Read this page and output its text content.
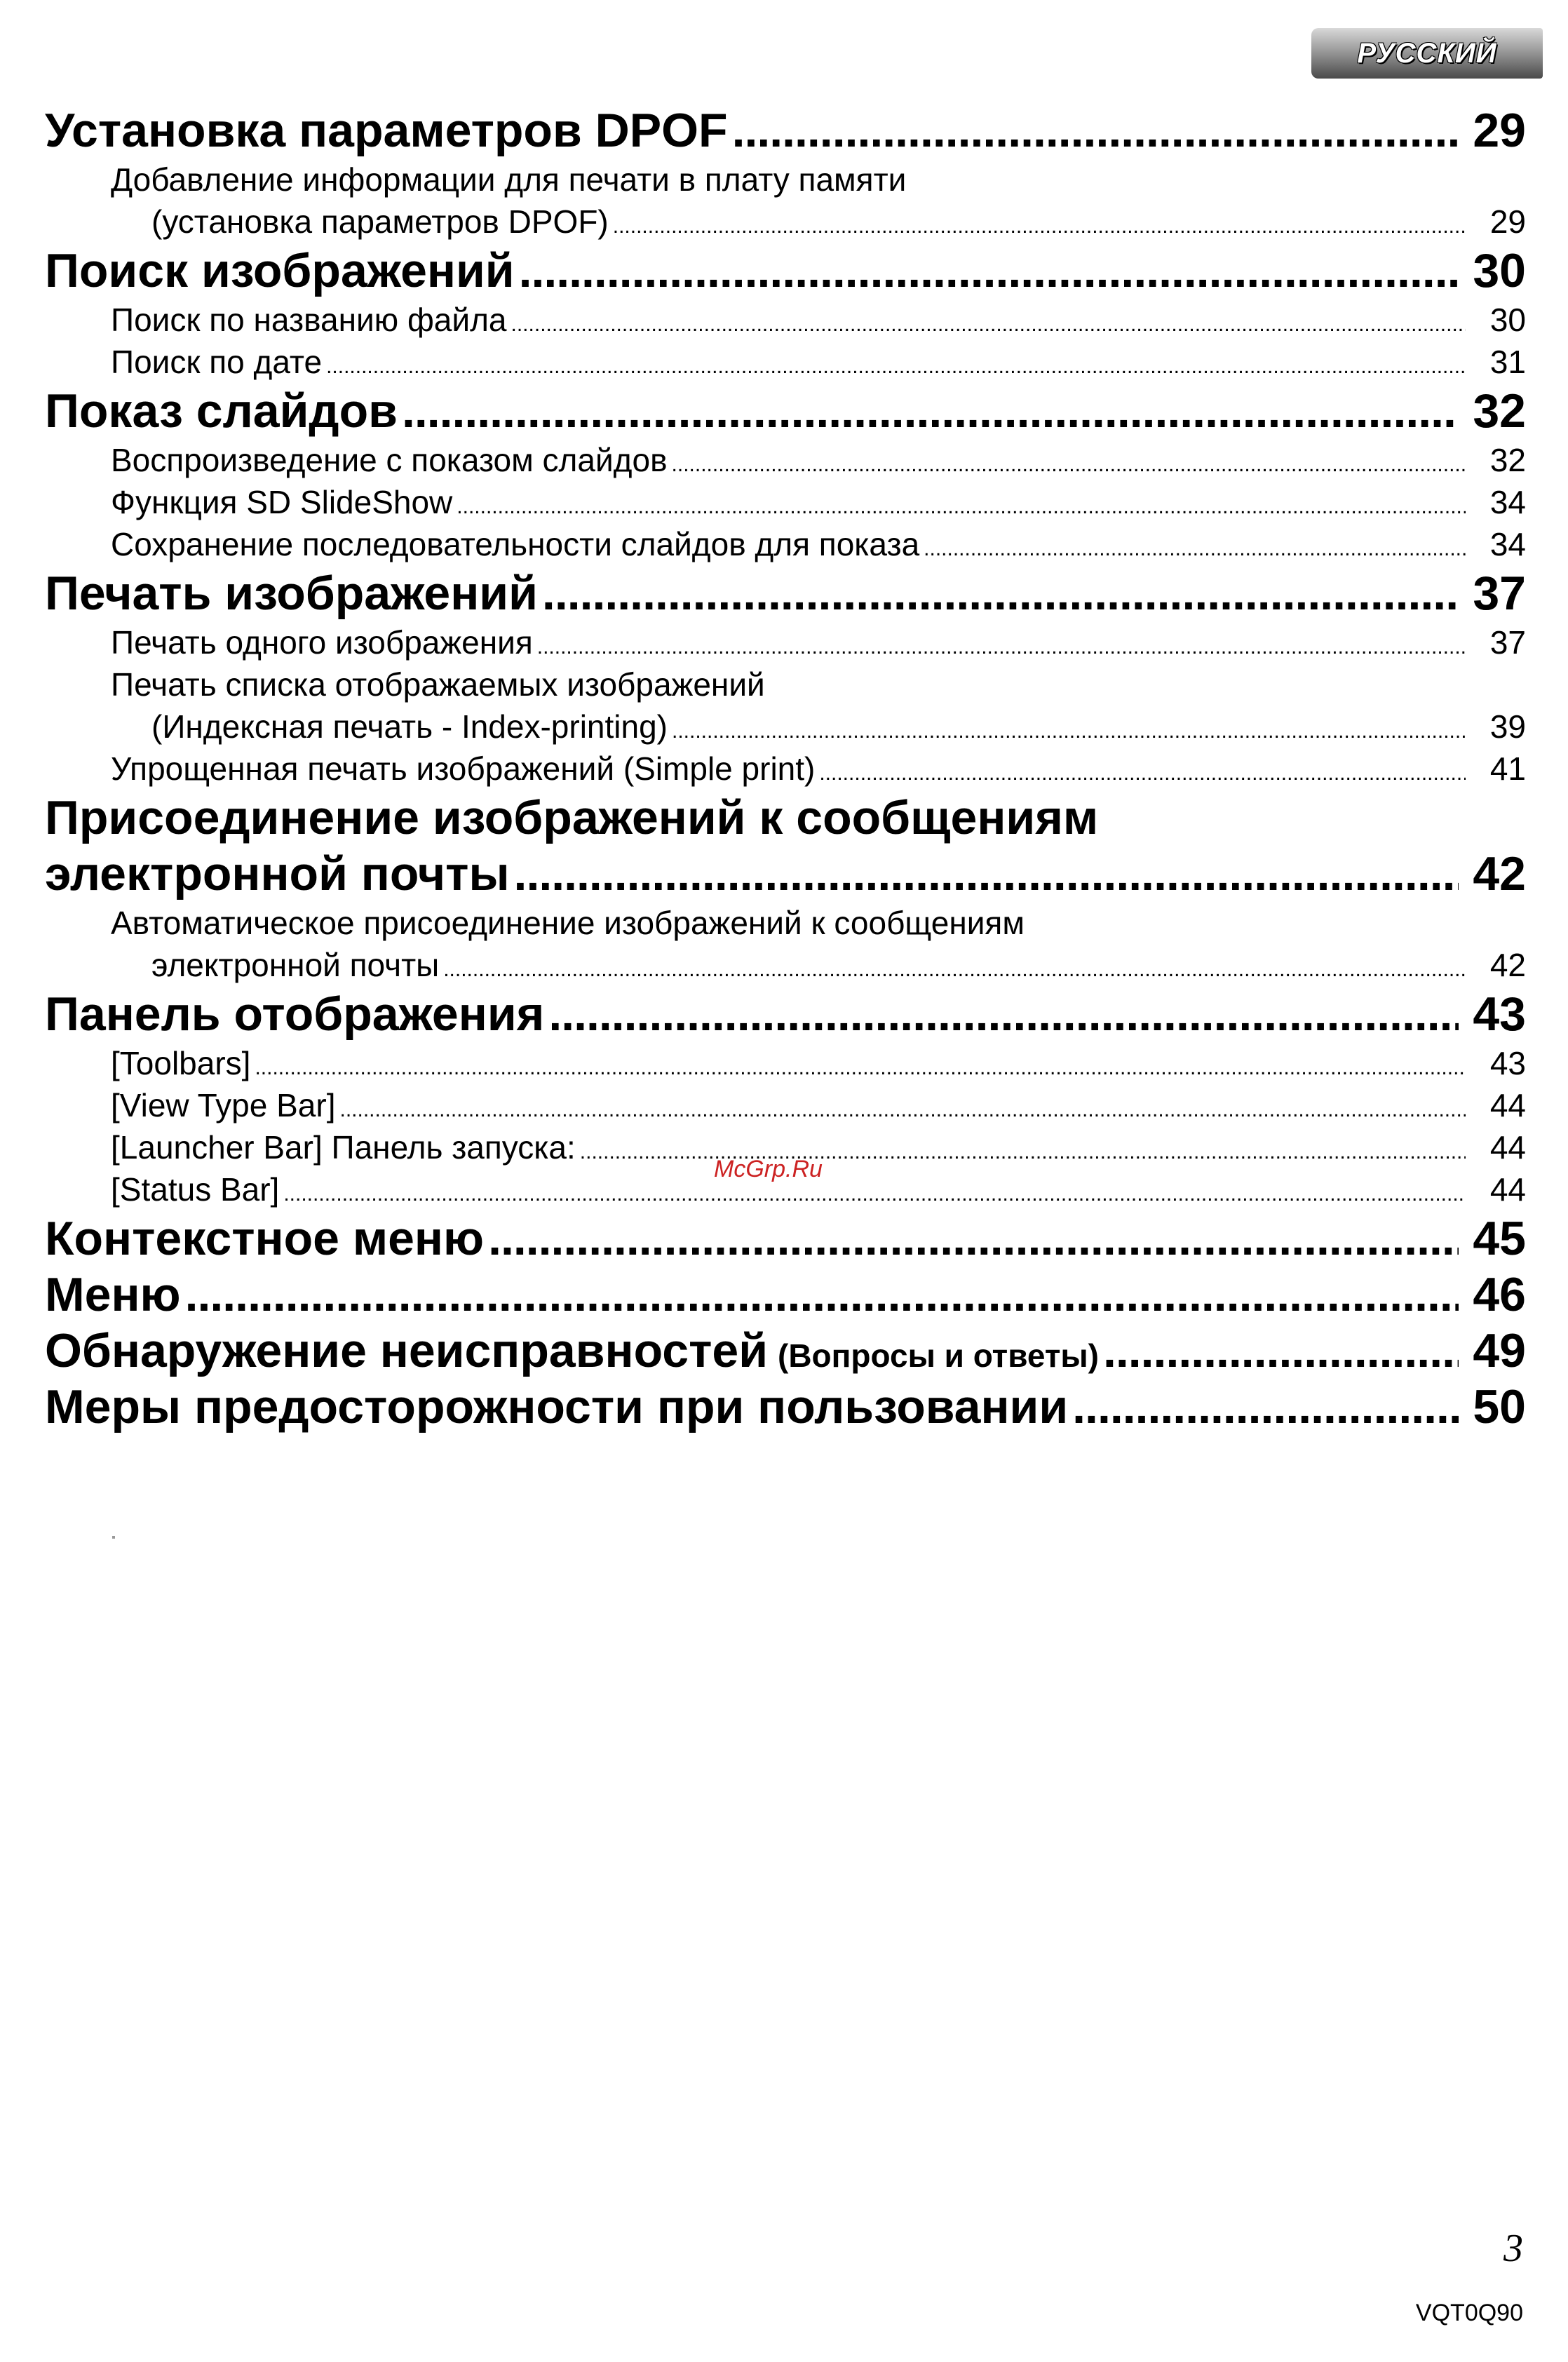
РУССКИЙ
Установка параметров DPOF .....	29
Добавление информации для печати в плату памяти
(установка параметров DPOF) .....	29
Поиск изображений .....	30
Поиск по названию файла .....	30
Поиск по дате .....	31
Показ слайдов .....	32
Воспроизведение с показом слайдов .....	32
Функция SD SlideShow .....	34
Сохранение последовательности слайдов для показа .....	34
Печать изображений .....	37
Печать одного изображения .....	37
Печать списка отображаемых изображений
(Индексная печать - Index-printing) .....	39
Упрощенная печать изображений (Simple print) .....	41
Присоединение изображений к сообщениям
электронной почты .....	42
Автоматическое присоединение изображений к сообщениям
электронной почты .....	42
Панель отображения .....	43
[Toolbars] .....	43
[View Type Bar] .....	44
[Launcher Bar] Панель запуска: .....	44
[Status Bar] .....	44
Контекстное меню .....	45
Меню .....	46
Обнаружение неисправностей (Вопросы и ответы) .....	49
Меры предосторожности при пользовании .....	50
McGrp.Ru
3
VQT0Q90
